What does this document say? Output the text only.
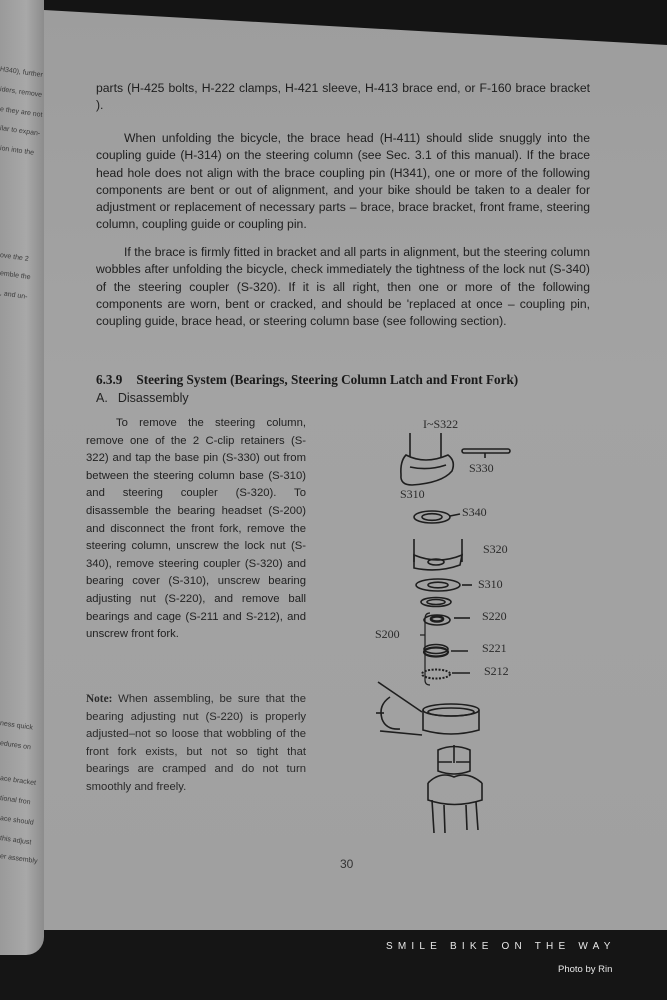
H340), further
iders, remove
e they are not
ilar to expan-
ion into the
ove the 2
emble the
, and un-
ness quick
edures on
ace bracket
tional fron
ace should
this adjust
er assembly
parts (H-425 bolts, H-222 clamps, H-421 sleeve, H-413 brace end, or F-160 brace bracket ).
When unfolding the bicycle, the brace head (H-411) should slide snuggly into the coupling guide (H-314) on the steering column (see Sec. 3.1 of this manual). If the brace head hole does not align with the brace coupling pin (H341), one or more of the following components are bent or out of alignment, and your bike should be taken to a dealer for adjustment or replacement of necessary parts – brace, brace bracket, front frame, steering column, coupling guide or coupling pin.
If the brace is firmly fitted in bracket and all parts in alignment, but the steering column wobbles after unfolding the bicycle, check immediately the tightness of the lock nut (S-340) of the steering coupler (S-320). If it is all right, then one or more of the following components are worn, bent or cracked, and should be 'replaced at once – coupling pin, coupling guide, brace head, or steering column base (see following section).
6.3.9 Steering System (Bearings, Steering Column Latch and Front Fork)
A. Disassembly
To remove the steering column, remove one of the 2 C-clip retainers (S-322) and tap the base pin (S-330) out from between the steering column base (S-310) and steering coupler (S-320). To disassemble the bearing headset (S-200) and disconnect the front fork, remove the steering column, unscrew the lock nut (S-340), remove steering coupler (S-320) and bearing cover (S-310), unscrew bearing adjusting nut (S-220), and remove ball bearings and cage (S-211 and S-212), and unscrew front fork.
Note: When assembling, be sure that the bearing adjusting nut (S-220) is properly adjusted–not so loose that wobbling of the front fork exists, but not so tight that bearings are cramped and do not turn smoothly and freely.
I~S322
S330
S310
S340
S320
S310
S220
S200
S221
S212
30
SMILE BIKE ON THE WAY
Photo by Rin
